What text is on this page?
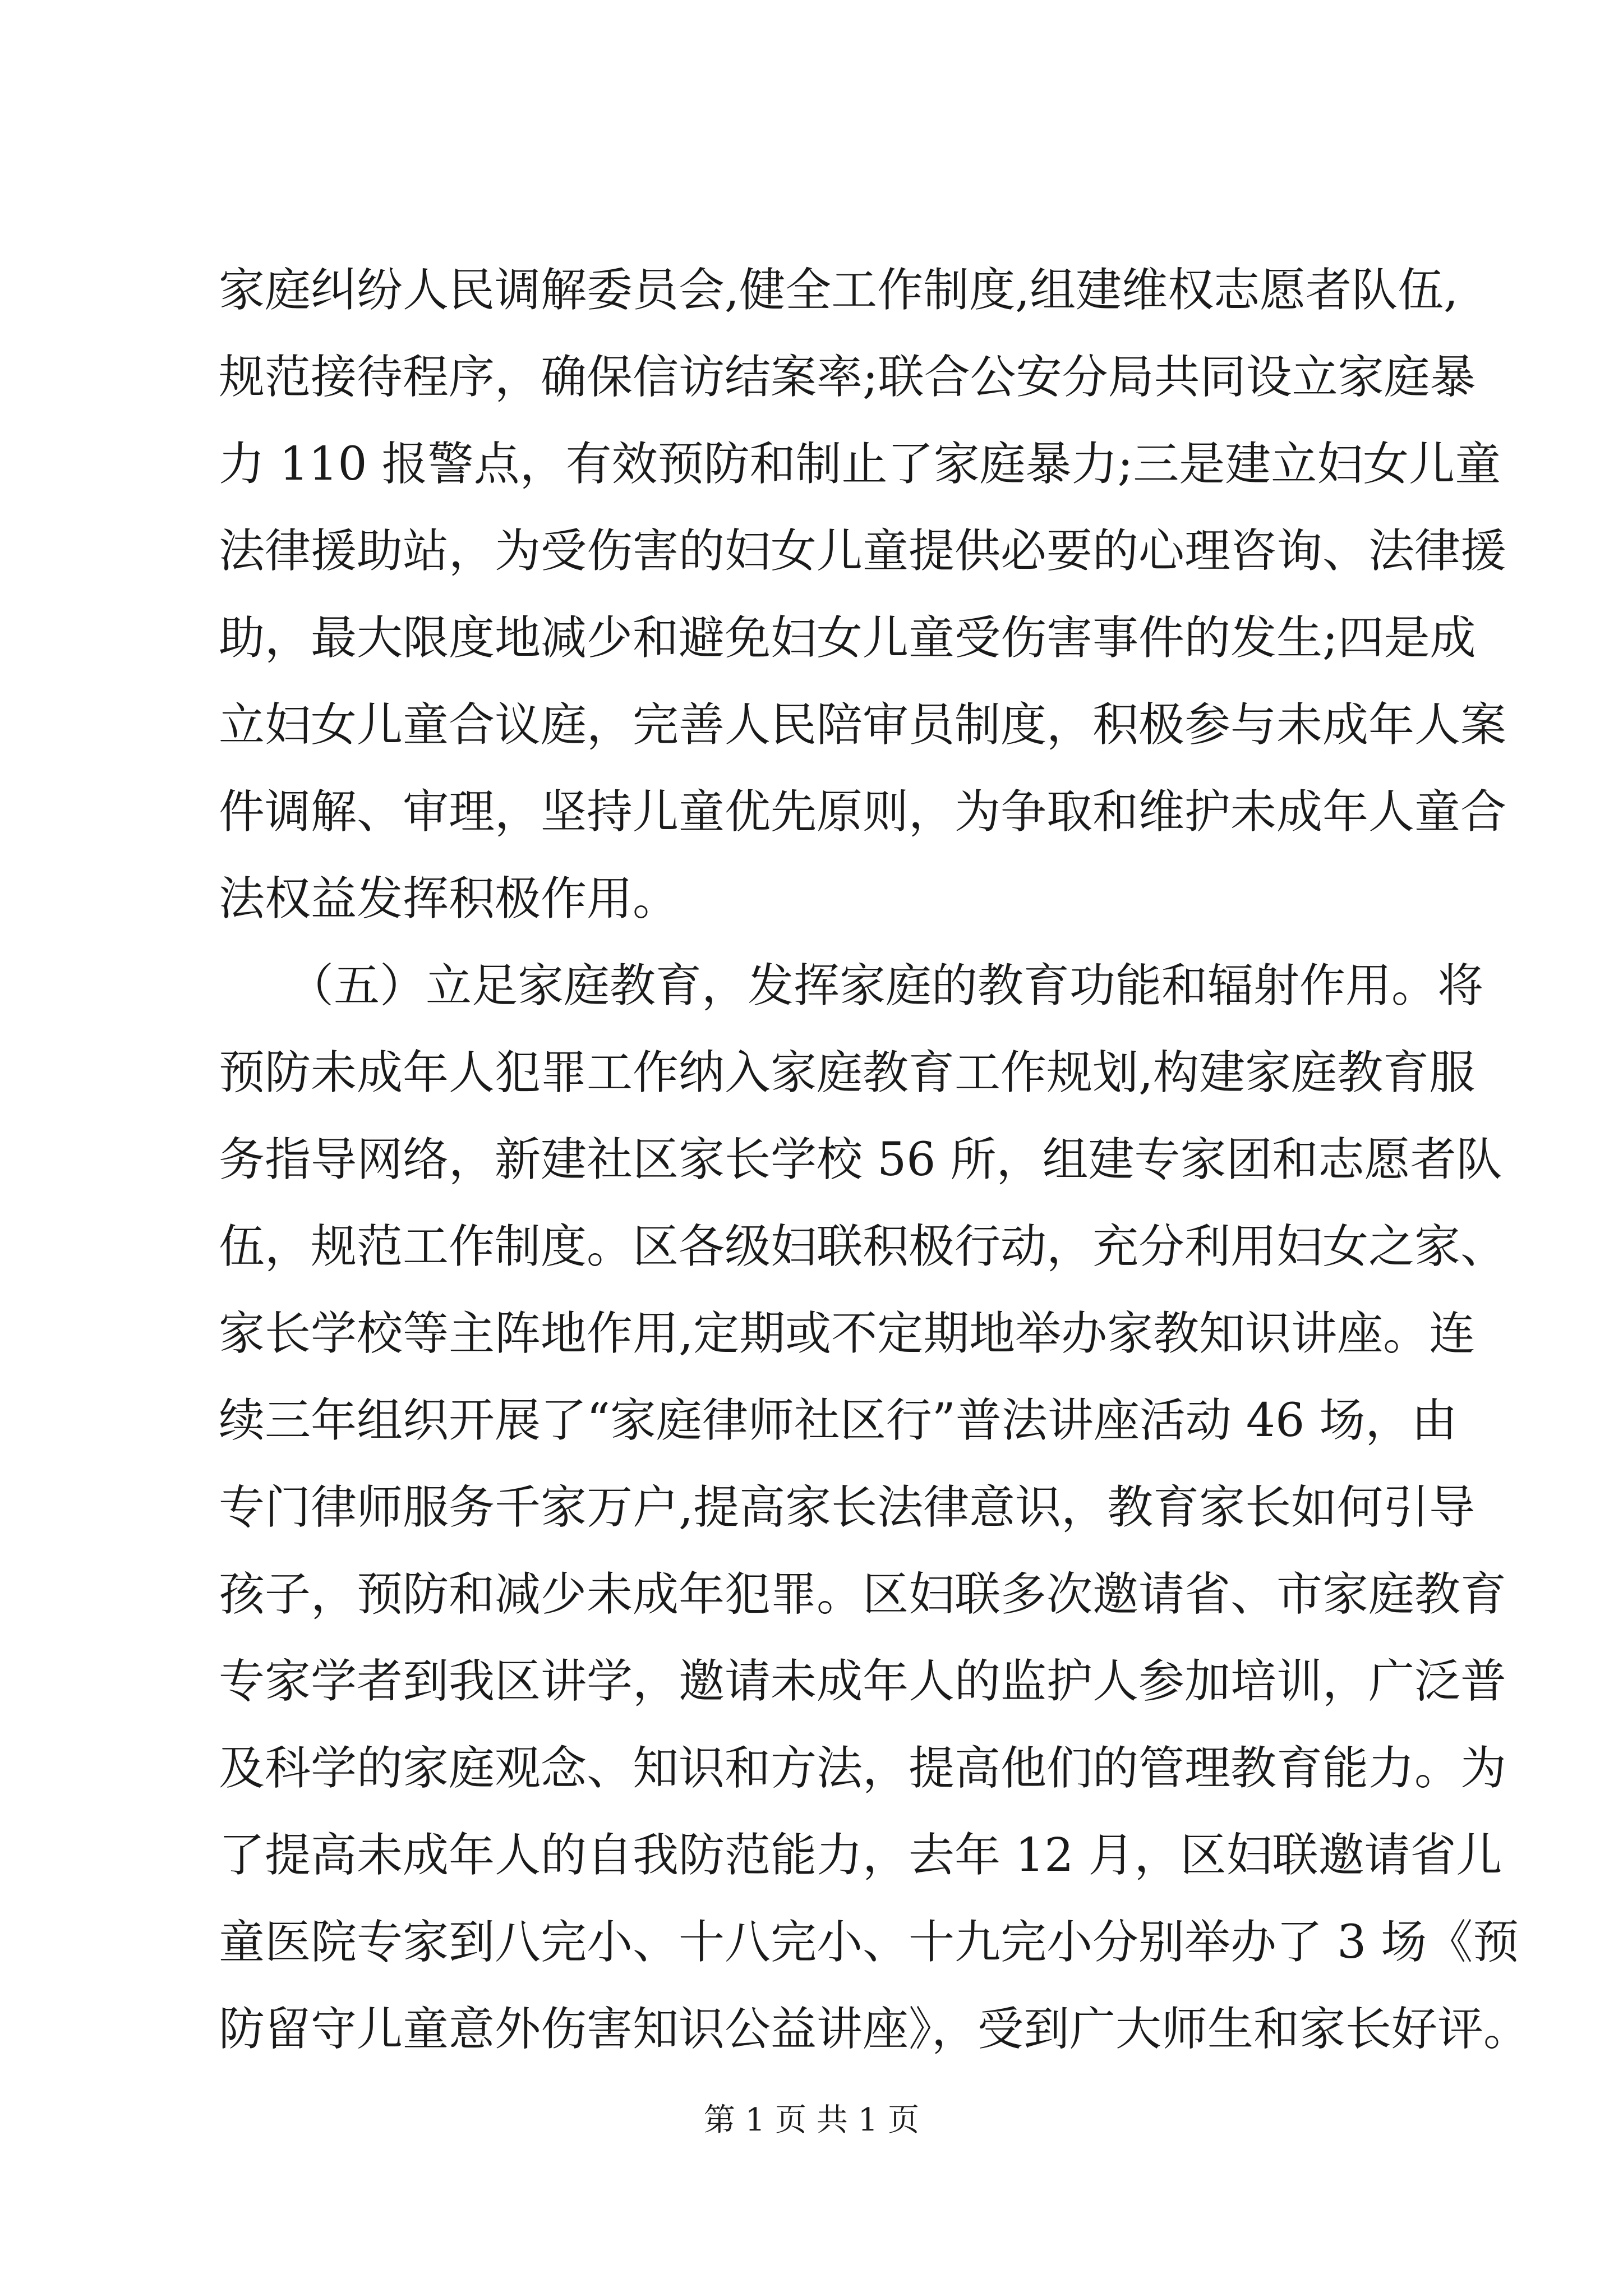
家庭纠纷人民调解委员会,健全工作制度,组建维权志愿者队伍,
规范接待程序，确保信访结案率;联合公安分局共同设立家庭暴
力 110 报警点，有效预防和制止了家庭暴力;三是建立妇女儿童
法律援助站，为受伤害的妇女儿童提供必要的心理咨询、法律援
助，最大限度地减少和避免妇女儿童受伤害事件的发生;四是成
立妇女儿童合议庭，完善人民陪审员制度，积极参与未成年人案
件调解、审理，坚持儿童优先原则，为争取和维护未成年人童合
法权益发挥积极作用。
　　（五）立足家庭教育，发挥家庭的教育功能和辐射作用。将
预防未成年人犯罪工作纳入家庭教育工作规划,构建家庭教育服
务指导网络，新建社区家长学校 56 所，组建专家团和志愿者队
伍，规范工作制度。区各级妇联积极行动，充分利用妇女之家、
家长学校等主阵地作用,定期或不定期地举办家教知识讲座。连
续三年组织开展了“家庭律师社区行”普法讲座活动 46 场，由
专门律师服务千家万户,提高家长法律意识，教育家长如何引导
孩子，预防和减少未成年犯罪。区妇联多次邀请省、市家庭教育
专家学者到我区讲学，邀请未成年人的监护人参加培训，广泛普
及科学的家庭观念、知识和方法，提高他们的管理教育能力。为
了提高未成年人的自我防范能力，去年 12 月，区妇联邀请省儿
童医院专家到八完小、十八完小、十九完小分别举办了 3 场《预
防留守儿童意外伤害知识公益讲座》，受到广大师生和家长好评。
第 1 页 共 1 页
